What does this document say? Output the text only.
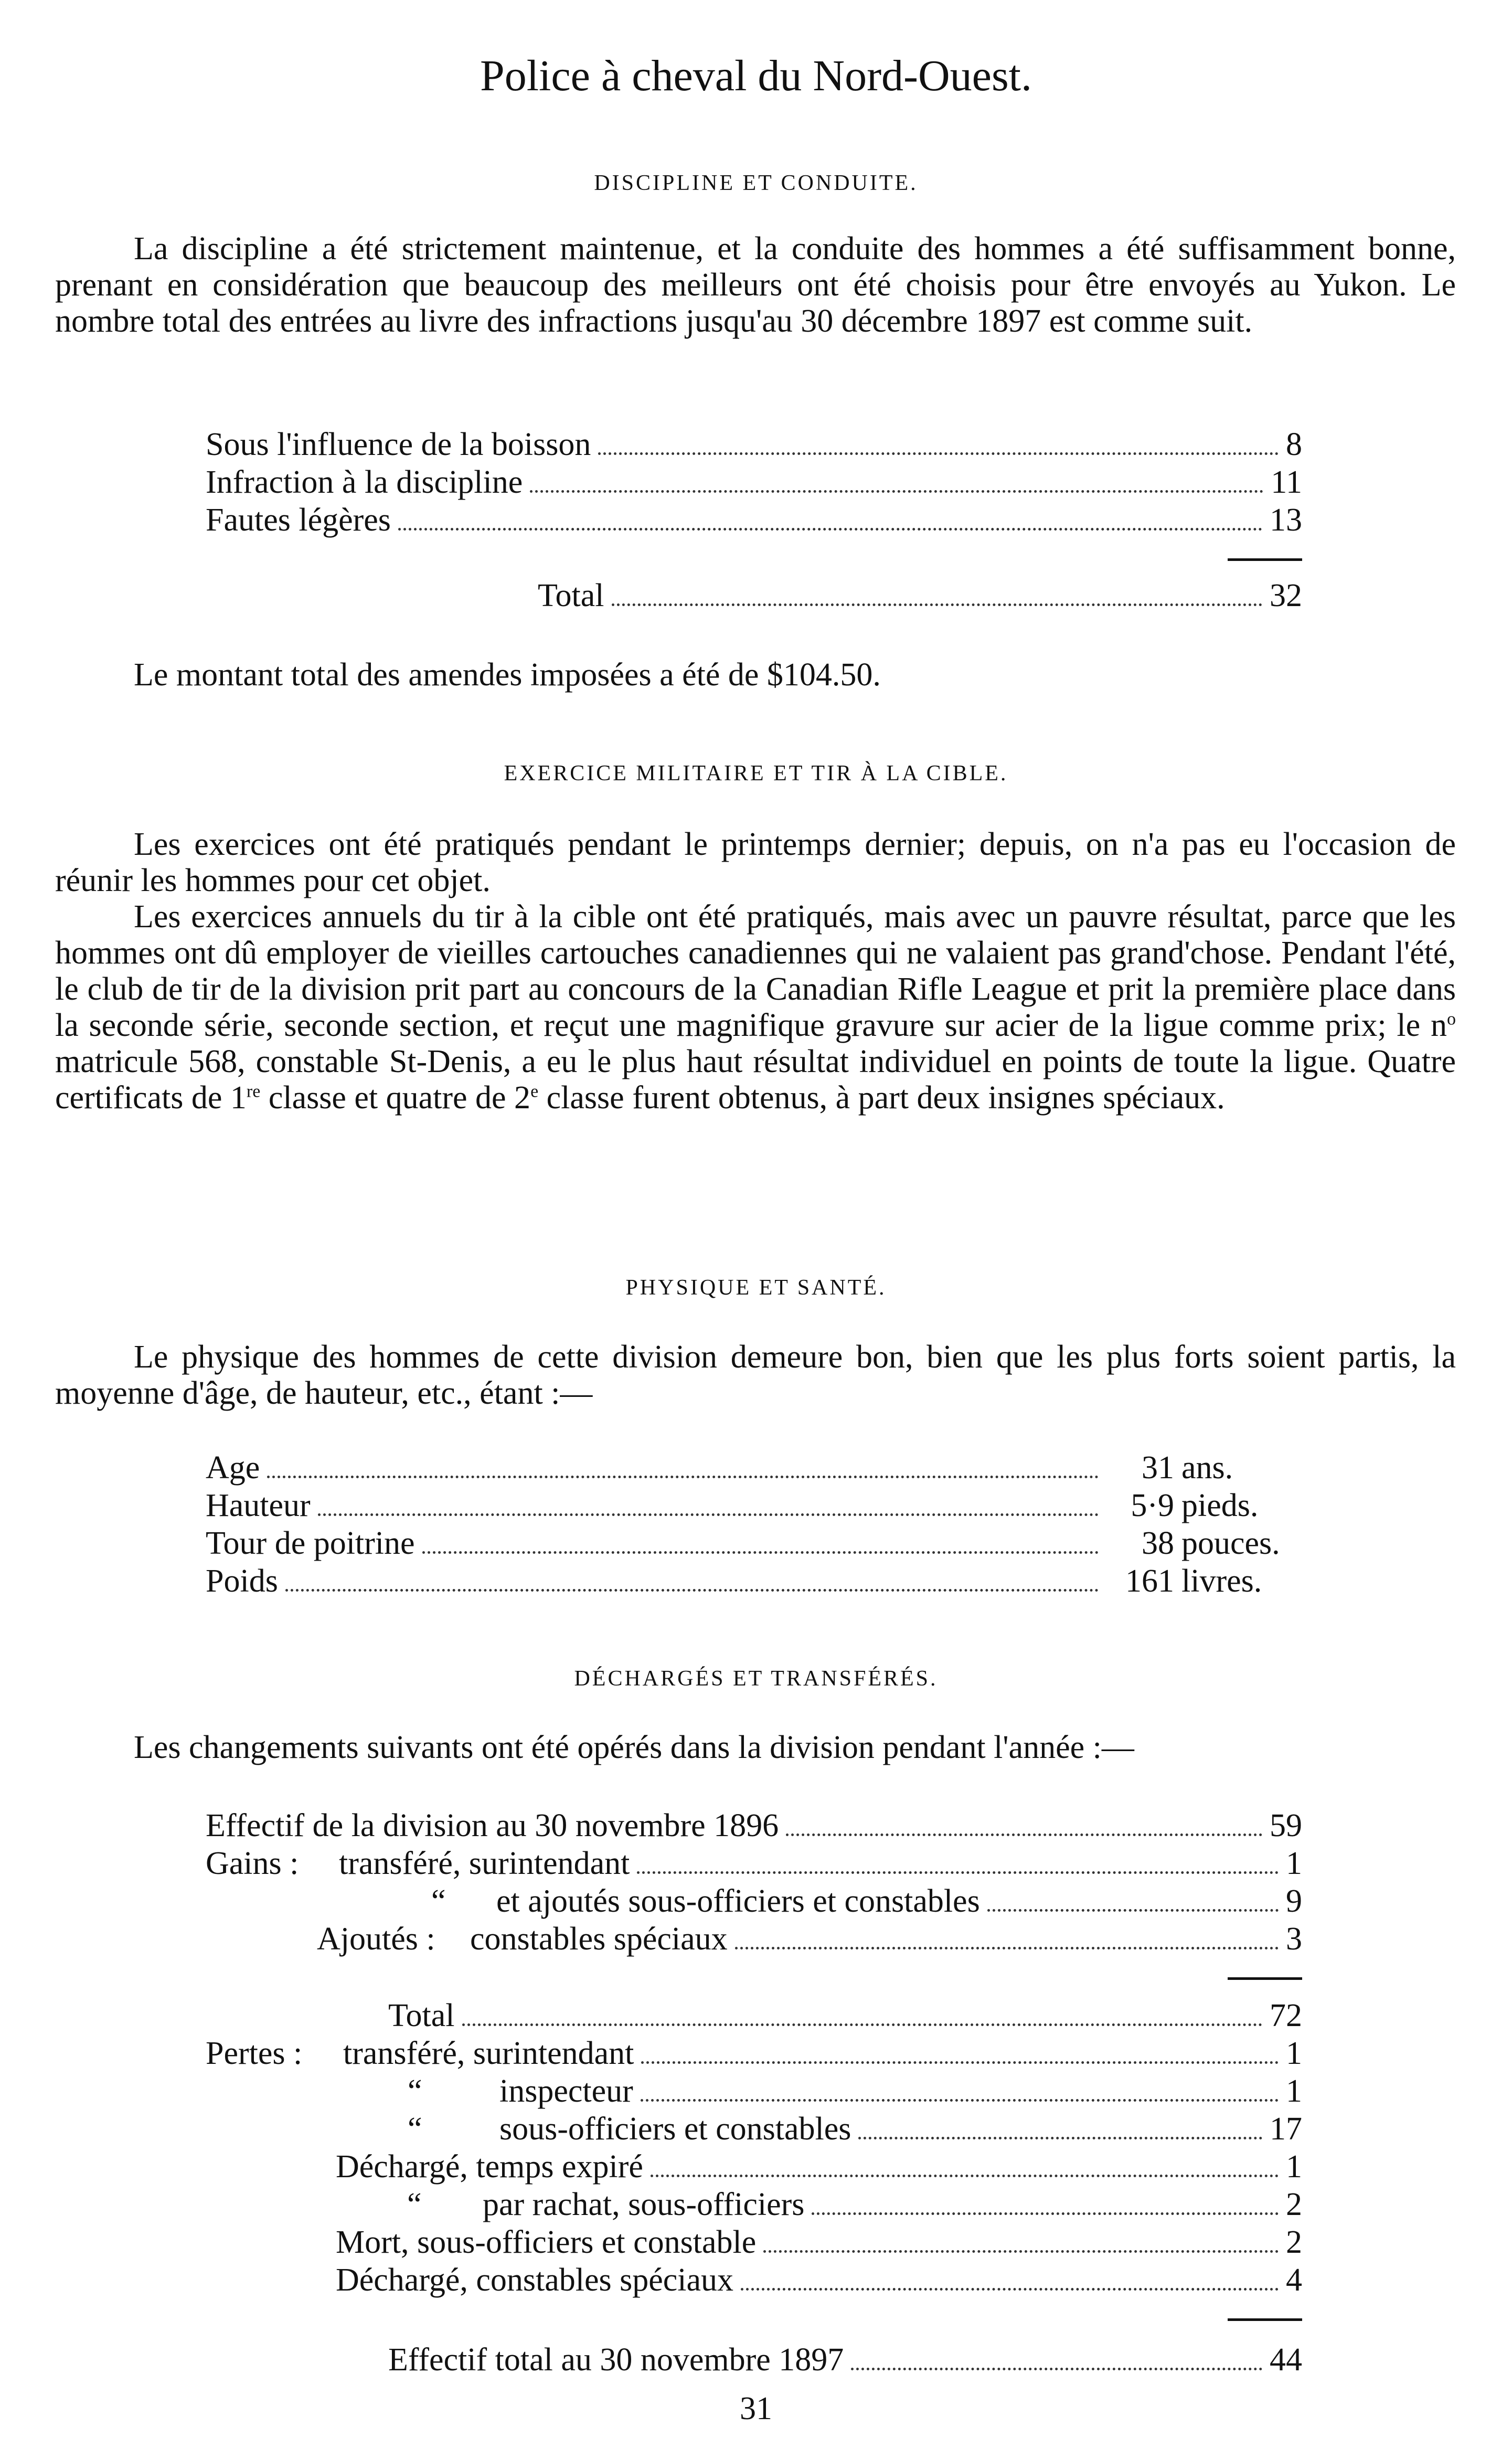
Police à cheval du Nord-Ouest.
DISCIPLINE ET CONDUITE.

La discipline a été strictement maintenue, et la conduite des hommes a été suffisamment bonne, prenant en considération que beaucoup des meilleurs ont été choisis pour être envoyés au Yukon. Le nombre total des entrées au livre des infractions jusqu'au 30 décembre 1897 est comme suit.

Sous l'influence de la boisson	8
Infraction à la discipline	11
Fautes légères	13
Total	32

Le montant total des amendes imposées a été de $104.50.

EXERCICE MILITAIRE ET TIR À LA CIBLE.

Les exercices ont été pratiqués pendant le printemps dernier; depuis, on n'a pas eu l'occasion de réunir les hommes pour cet objet.

Les exercices annuels du tir à la cible ont été pratiqués, mais avec un pauvre résultat, parce que les hommes ont dû employer de vieilles cartouches canadiennes qui ne valaient pas grand'chose. Pendant l'été, le club de tir de la division prit part au concours de la Canadian Rifle League et prit la première place dans la seconde série, seconde section, et reçut une magnifique gravure sur acier de la ligue comme prix; le $n^o$ matricule 568, constable St-Denis, a eu le plus haut résultat individuel en points de toute la ligue. Quatre certificats de 1re classe et quatre de 2e classe furent obtenus, à part deux insignes spéciaux.

PHYSIQUE ET SANTÉ.

Le physique des hommes de cette division demeure bon, bien que les plus forts soient partis, la moyenne d'âge, de hauteur, etc., étant :—

Age	31 ans.
Hauteur	5·9 pieds.
Tour de poitrine	38 pouces.
Poids	161 livres.
DÉCHARGÉS ET TRANSFÉRÉS.

Les changements suivants ont été opérés dans la division pendant l'année :—

Effectif de la division au 30 novembre 1896	59
Gains :	transféré, surintendant	1
“	et ajoutés sous-officiers et constables	9
Ajoutés :	constables spéciaux	3
Total	72
Pertes :	transféré, surintendant	1
“	inspecteur	1
“	sous-officiers et constables	17
Déchargé, temps expiré	1
“	par rachat, sous-officiers	2
Mort, sous-officiers et constable	2
Déchargé, constables spéciaux	4
Effectif total au 30 novembre 1897	44
31
